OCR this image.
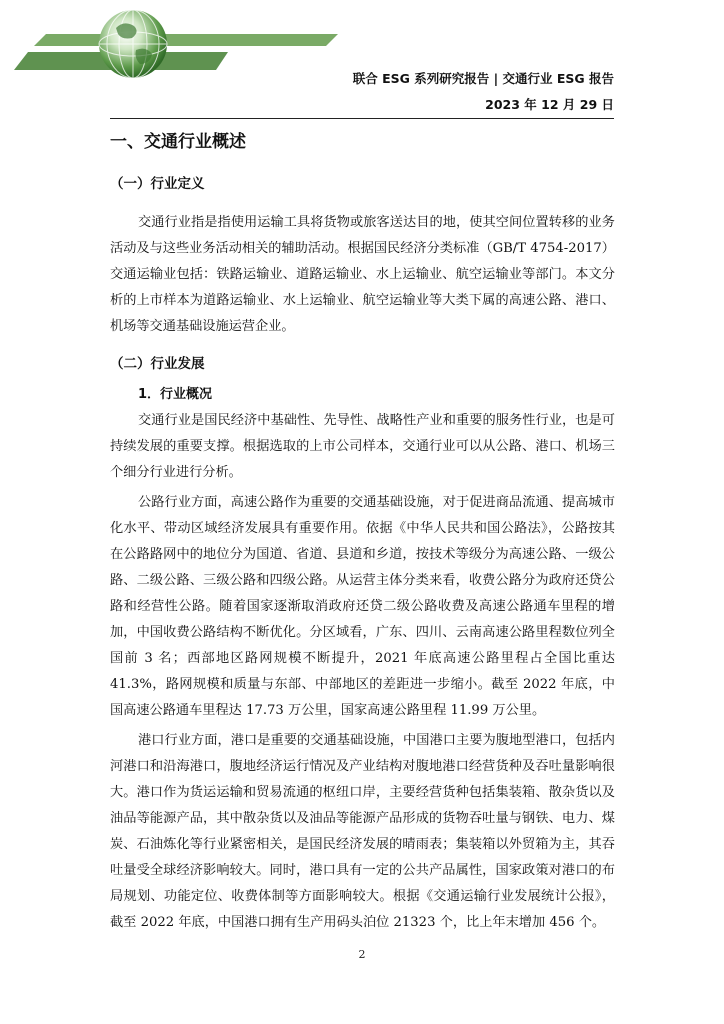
联合 ESG 系列研究报告 | 交通行业 ESG 报告
2023 年 12 月 29 日
一、交通行业概述
（一）行业定义

交通行业指是指使用运输工具将货物或旅客送达目的地，使其空间位置转移的业务活动及与这些业务活动相关的辅助活动。根据国民经济分类标准（GB/T 4754-2017）交通运输业包括：铁路运输业、道路运输业、水上运输业、航空运输业等部门。本文分析的上市样本为道路运输业、水上运输业、航空运输业等大类下属的高速公路、港口、机场等交通基础设施运营企业。

（二）行业发展
1．行业概况

交通行业是国民经济中基础性、先导性、战略性产业和重要的服务性行业，也是可持续发展的重要支撑。根据选取的上市公司样本，交通行业可以从公路、港口、机场三个细分行业进行分析。

公路行业方面，高速公路作为重要的交通基础设施，对于促进商品流通、提高城市化水平、带动区域经济发展具有重要作用。依据《中华人民共和国公路法》，公路按其在公路路网中的地位分为国道、省道、县道和乡道，按技术等级分为高速公路、一级公路、二级公路、三级公路和四级公路。从运营主体分类来看，收费公路分为政府还贷公路和经营性公路。随着国家逐渐取消政府还贷二级公路收费及高速公路通车里程的增加，中国收费公路结构不断优化。分区域看，广东、四川、云南高速公路里程数位列全国前 3 名；西部地区路网规模不断提升，2021 年底高速公路里程占全国比重达 41.3%，路网规模和质量与东部、中部地区的差距进一步缩小。截至 2022 年底，中国高速公路通车里程达 17.73 万公里，国家高速公路里程 11.99 万公里。

港口行业方面，港口是重要的交通基础设施，中国港口主要为腹地型港口，包括内河港口和沿海港口，腹地经济运行情况及产业结构对腹地港口经营货种及吞吐量影响很大。港口作为货运运输和贸易流通的枢纽口岸，主要经营货种包括集装箱、散杂货以及油品等能源产品，其中散杂货以及油品等能源产品形成的货物吞吐量与钢铁、电力、煤炭、石油炼化等行业紧密相关，是国民经济发展的晴雨表；集装箱以外贸箱为主，其吞吐量受全球经济影响较大。同时，港口具有一定的公共产品属性，国家政策对港口的布局规划、功能定位、收费体制等方面影响较大。根据《交通运输行业发展统计公报》，截至 2022 年底，中国港口拥有生产用码头泊位 21323 个，比上年末增加 456 个。

2
